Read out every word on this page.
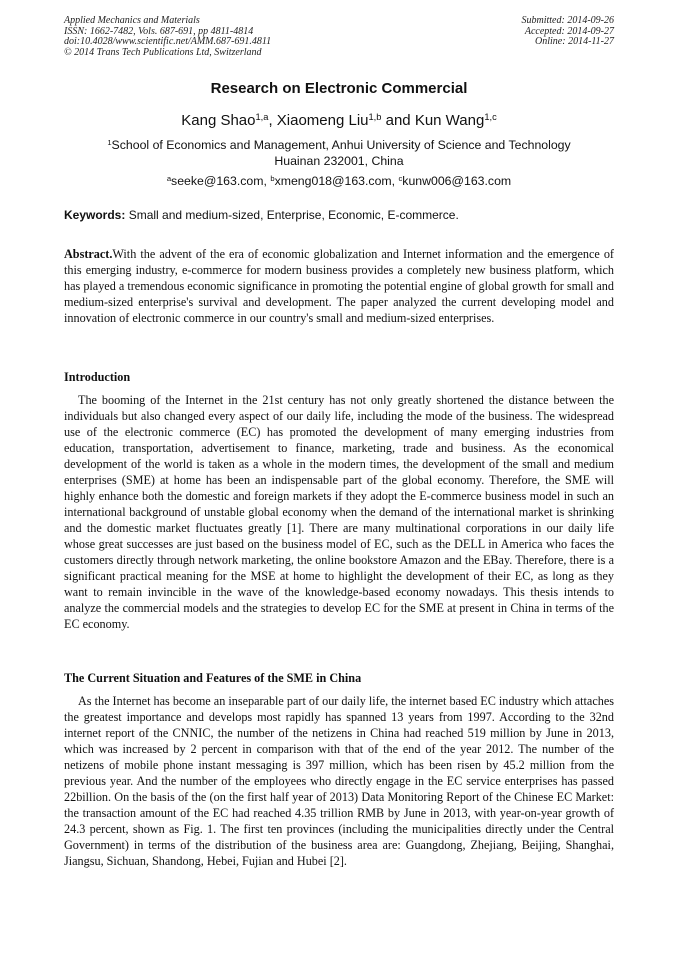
Applied Mechanics and Materials
ISSN: 1662-7482, Vols. 687-691, pp 4811-4814
doi:10.4028/www.scientific.net/AMM.687-691.4811
© 2014 Trans Tech Publications Ltd, Switzerland
Submitted: 2014-09-26
Accepted: 2014-09-27
Online: 2014-11-27
Research on Electronic Commercial
Kang Shao$^{1,a}$, Xiaomeng Liu$^{1,b}$ and Kun Wang$^{1,c}$
$^1$School of Economics and Management, Anhui University of Science and Technology
Huainan 232001, China
$^a$seeke@163.com, $^b$xmeng018@163.com, $^c$kunw006@163.com
Keywords: Small and medium-sized, Enterprise, Economic, E-commerce.
Abstract.With the advent of the era of economic globalization and Internet information and the emergence of this emerging industry, e-commerce for modern business provides a completely new business platform, which has played a tremendous economic significance in promoting the potential engine of global growth for small and medium-sized enterprise's survival and development. The paper analyzed the current developing model and innovation of electronic commerce in our country's small and medium-sized enterprises.
Introduction
The booming of the Internet in the 21st century has not only greatly shortened the distance between the individuals but also changed every aspect of our daily life, including the mode of the business. The widespread use of the electronic commerce (EC) has promoted the development of many emerging industries from education, transportation, advertisement to finance, marketing, trade and business. As the economical development of the world is taken as a whole in the modern times, the development of the small and medium enterprises (SME) at home has been an indispensable part of the global economy. Therefore, the SME will highly enhance both the domestic and foreign markets if they adopt the E-commerce business model in such an international background of unstable global economy when the demand of the international market is shrinking and the domestic market fluctuates greatly [1]. There are many multinational corporations in our daily life whose great successes are just based on the business model of EC, such as the DELL in America who faces the customers directly through network marketing, the online bookstore Amazon and the EBay. Therefore, there is a significant practical meaning for the MSE at home to highlight the development of their EC, as long as they want to remain invincible in the wave of the knowledge-based economy nowadays. This thesis intends to analyze the commercial models and the strategies to develop EC for the SME at present in China in terms of the EC economy.
The Current Situation and Features of the SME in China
As the Internet has become an inseparable part of our daily life, the internet based EC industry which attaches the greatest importance and develops most rapidly has spanned 13 years from 1997. According to the 32nd internet report of the CNNIC, the number of the netizens in China had reached 519 million by June in 2013, which was increased by 2 percent in comparison with that of the end of the year 2012. The number of the netizens of mobile phone instant messaging is 397 million, which has been risen by 45.2 million from the previous year. And the number of the employees who directly engage in the EC service enterprises has passed 22billion. On the basis of the (on the first half year of 2013) Data Monitoring Report of the Chinese EC Market: the transaction amount of the EC had reached 4.35 trillion RMB by June in 2013, with year-on-year growth of 24.3 percent, shown as Fig. 1. The first ten provinces (including the municipalities directly under the Central Government) in terms of the distribution of the business area are: Guangdong, Zhejiang, Beijing, Shanghai, Jiangsu, Sichuan, Shandong, Hebei, Fujian and Hubei [2].
